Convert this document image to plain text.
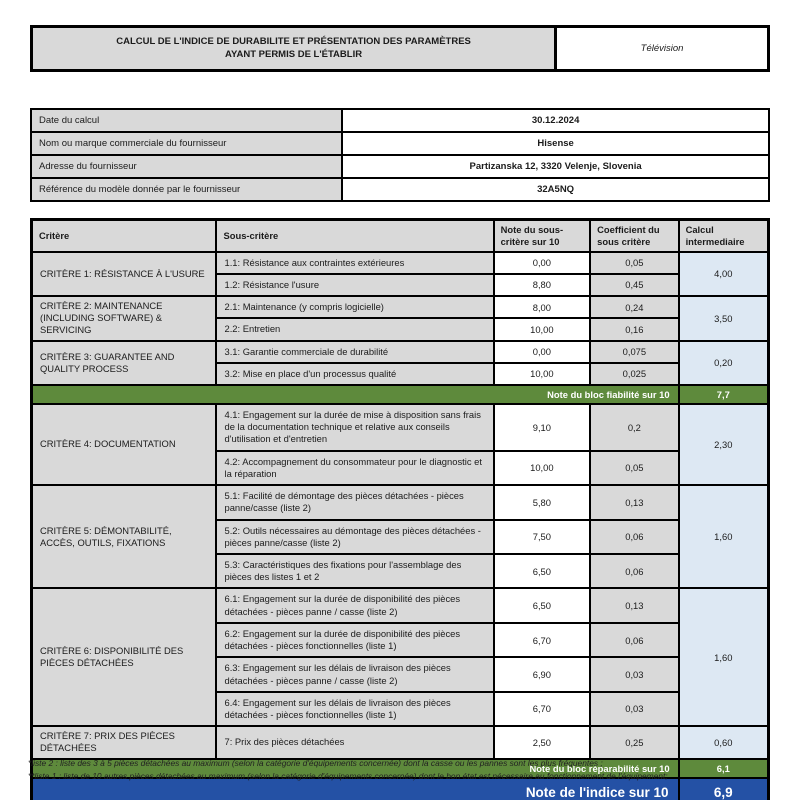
CALCUL DE L'INDICE DE DURABILITE ET PRÉSENTATION DES PARAMÈTRES
AYANT PERMIS DE L'ÉTABLIR	Télévision
Date du calcul	30.12.2024
Nom ou marque commerciale du fournisseur	Hisense
Adresse du fournisseur	Partizanska 12, 3320 Velenje, Slovenia
Référence du modèle donnée par le fournisseur	32A5NQ
Critère	Sous-critère	Note du sous-critère sur 10	Coefficient du sous critère	Calcul intermediaire
CRITÈRE 1: RÉSISTANCE À L'USURE	1.1: Résistance aux contraintes extérieures	0,00	0,05	4,00
	1.2: Résistance l'usure	8,80	0,45	
CRITÈRE 2: MAINTENANCE (INCLUDING SOFTWARE) & SERVICING	2.1: Maintenance (y compris logicielle)	8,00	0,24	3,50
	2.2: Entretien	10,00	0,16	
CRITÈRE 3: GUARANTEE AND QUALITY PROCESS	3.1: Garantie commerciale de durabilité	0,00	0,075	0,20
	3.2: Mise en place d'un processus qualité	10,00	0,025	
Note du bloc fiabilité sur 10				7,7
CRITÈRE 4: DOCUMENTATION	4.1: Engagement sur la durée de mise à disposition sans frais de la documentation technique et relative aux conseils d'utilisation et d'entretien	9,10	0,2	2,30
	4.2: Accompagnement du consommateur pour le diagnostic et la réparation	10,00	0,05	
CRITÈRE 5: DÉMONTABILITÉ, ACCÈS, OUTILS, FIXATIONS	5.1: Facilité de démontage des pièces détachées - pièces panne/casse (liste 2)	5,80	0,13	1,60
	5.2: Outils nécessaires au démontage des pièces détachées - pièces panne/casse (liste 2)	7,50	0,06	
	5.3: Caractéristiques des fixations pour l'assemblage des pièces des listes 1 et 2	6,50	0,06	
CRITÈRE 6: DISPONIBILITÉ DES PIÈCES DÉTACHÉES	6.1: Engagement sur la durée de disponibilité des pièces détachées - pièces panne / casse (liste 2)	6,50	0,13	1,60
	6.2: Engagement sur la durée de disponibilité des pièces détachées - pièces fonctionnelles (liste 1)	6,70	0,06	
	6.3: Engagement sur les délais de livraison des pièces détachées - pièces panne / casse (liste 2)	6,90	0,03	
	6.4: Engagement sur les délais de livraison des pièces détachées - pièces fonctionnelles (liste 1)	6,70	0,03	
CRITÈRE 7: PRIX DES PIÈCES DÉTACHÉES	7: Prix des pièces détachées	2,50	0,25	0,60
Note du bloc réparabilité sur 10				6,1
Note de l'indice sur 10				6,9
*liste 2 : liste des 3 à 5 pièces détachées au maximum (selon la catégorie d'équipements concernée) dont la casse ou les pannes sont les plus fréquentes ;
**liste 1 : liste de 10 autres pièces détachées au maximum (selon la catégorie d'équipements concernée) dont le bon état est nécessaire au fonctionnement de l'équipement;
